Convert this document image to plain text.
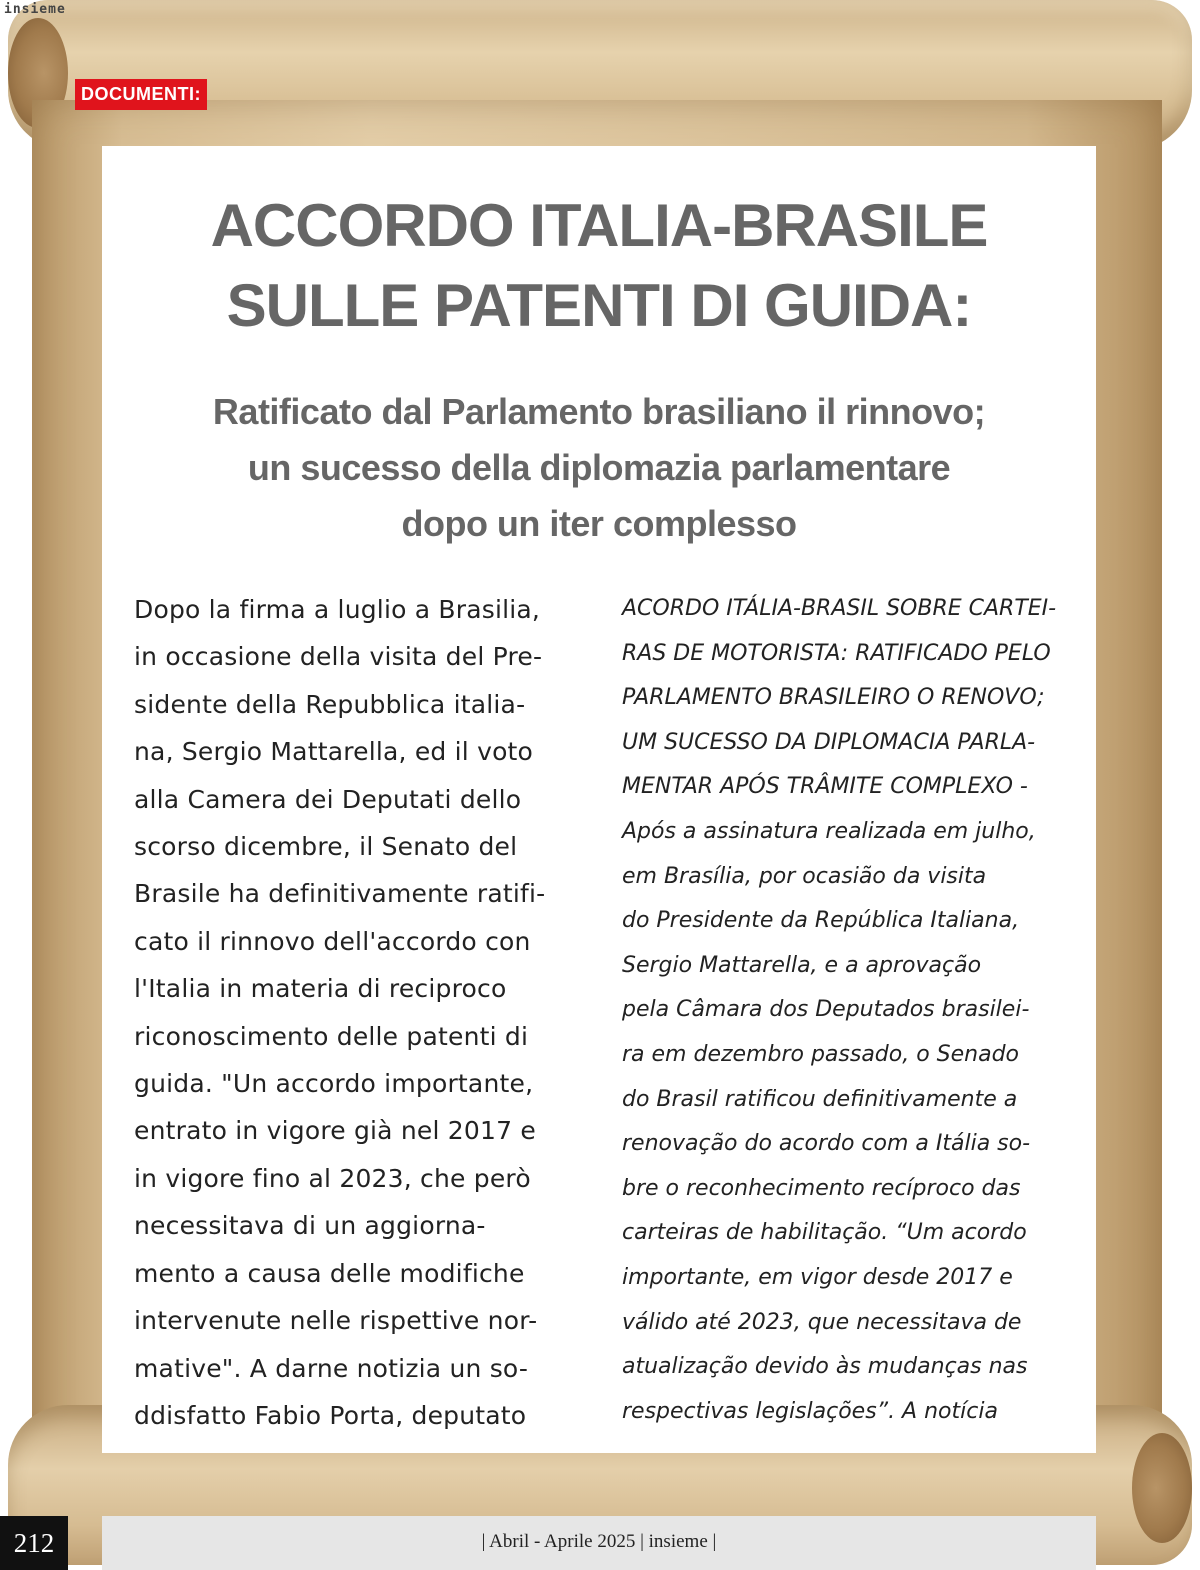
insieme
DOCUMENTI:
ACCORDO ITALIA-BRASILE
SULLE PATENTI DI GUIDA:
Ratificato dal Parlamento brasiliano il rinnovo;
un sucesso della diplomazia parlamentare
dopo un iter complesso
Dopo la firma a luglio a Brasilia,
in occasione della visita del Pre-
sidente della Repubblica italia-
na, Sergio Mattarella, ed il voto
alla Camera dei Deputati dello
scorso dicembre, il Senato del
Brasile ha definitivamente ratifi-
cato il rinnovo dell'accordo con
l'Italia in materia di reciproco
riconoscimento delle patenti di
guida. "Un accordo importante,
entrato in vigore già nel 2017 e
in vigore fino al 2023, che però
necessitava di un aggiorna-
mento a causa delle modifiche
intervenute nelle rispettive nor-
mative". A darne notizia un so-
ddisfatto Fabio Porta, deputato
ACORDO ITÁLIA-BRASIL SOBRE CARTEI-
RAS DE MOTORISTA: RATIFICADO PELO
PARLAMENTO BRASILEIRO O RENOVO;
UM SUCESSO DA DIPLOMACIA PARLA-
MENTAR APÓS TRÂMITE COMPLEXO -
Após a assinatura realizada em julho,
em Brasília, por ocasião da visita
do Presidente da República Italiana,
Sergio Mattarella, e a aprovação
pela Câmara dos Deputados brasilei-
ra em dezembro passado, o Senado
do Brasil ratificou definitivamente a
renovação do acordo com a Itália so-
bre o reconhecimento recíproco das
carteiras de habilitação. “Um acordo
importante, em vigor desde 2017 e
válido até 2023, que necessitava de
atualização devido às mudanças nas
respectivas legislações”. A notícia
212	| Abril - Aprile 2025 | insieme |
